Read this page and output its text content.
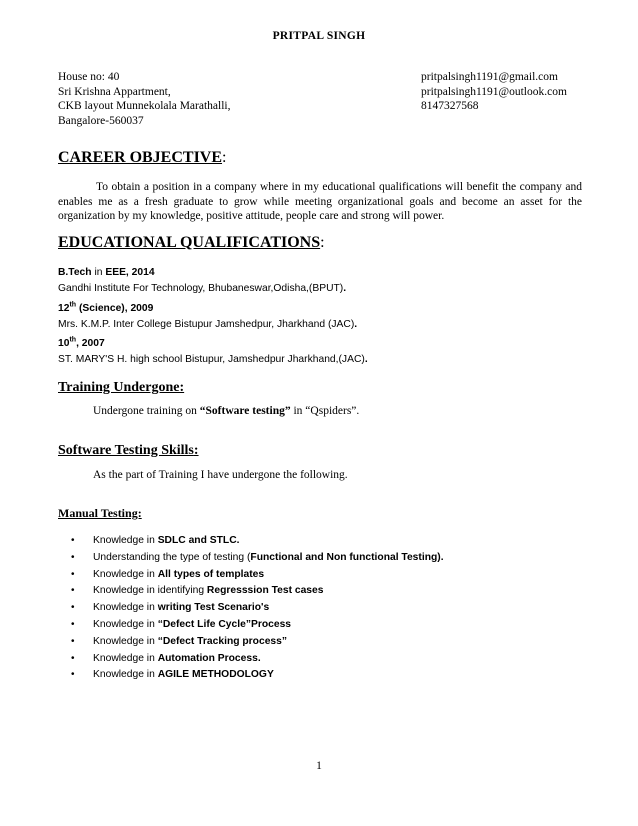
PRITPAL SINGH
House no: 40
Sri Krishna Appartment,
CKB layout Munnekolala Marathalli,
Bangalore-560037
pritpalsingh1191@gmail.com
pritpalsingh1191@outlook.com
8147327568
CAREER OBJECTIVE:
To obtain a position in a company where in my educational qualifications will benefit the company and enables me as a fresh graduate to grow while meeting organizational goals and become an asset for the organization by my knowledge, positive attitude, people care and strong will power.
EDUCATIONAL QUALIFICATIONS:
B.Tech in EEE, 2014
Gandhi Institute For Technology, Bhubaneswar,Odisha,(BPUT).
12th (Science), 2009
Mrs. K.M.P. Inter College Bistupur Jamshedpur, Jharkhand (JAC).
10th, 2007
ST. MARY'S H. high school Bistupur, Jamshedpur Jharkhand,(JAC).
Training Undergone:
Undergone training on “Software testing” in “Qspiders”.
Software Testing Skills:
As the part of Training I have undergone the following.
Manual Testing:
• Knowledge in SDLC and STLC.
• Understanding the type of testing (Functional and Non functional Testing).
• Knowledge in All types of templates
• Knowledge in identifying Regresssion Test cases
• Knowledge in writing Test Scenario's
• Knowledge in “Defect Life Cycle”Process
• Knowledge in “Defect Tracking process”
• Knowledge in Automation Process.
• Knowledge in AGILE METHODOLOGY
1
